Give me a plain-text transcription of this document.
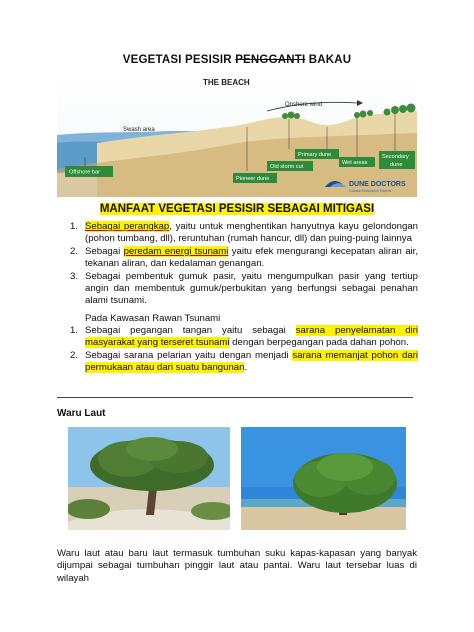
VEGETASI PESISIR PENGGANTI BAKAU
THE BEACH
Swash area
Onshore wind
Offshore bar
Primary dune
Old storm cut
Pioneer dune
Wet areas
Secondary
dune
DUNE DOCTORS
Coastal Restoration Experts
MANFAAT VEGETASI PESISIR SEBAGAI MITIGASI

1. Sebagai perangkap, yaitu untuk menghentikan hanyutnya kayu gelondongan (pohon tumbang, dll), reruntuhan (rumah hancur, dll) dan puing-puing lainnya

2. Sebagai peredam energi tsunami yaitu efek mengurangi kecepatan aliran air, tekanan aliran, dan kedalaman genangan.

3. Sebagai pembentuk gumuk pasir, yaitu mengumpulkan pasir yang tertiup angin dan membentuk gumuk/perbukitan yang berfungsi sebagai penahan alami tsunami.

Pada Kawasan Rawan Tsunami

1. Sebagai pegangan tangan yaitu sebagai sarana penyelamatan diri masyarakat yang terseret tsunami dengan berpegangan pada dahan pohon.

2. Sebagai sarana pelarian yaitu dengan menjadi sarana memanjat pohon dari permukaan atau dari suatu bangunan.

Waru Laut
Waru laut atau baru laut termasuk tumbuhan suku kapas-kapasan yang banyak dijumpai sebagai tumbuhan pinggir laut atau pantai. Waru laut tersebar luas di wilayah
